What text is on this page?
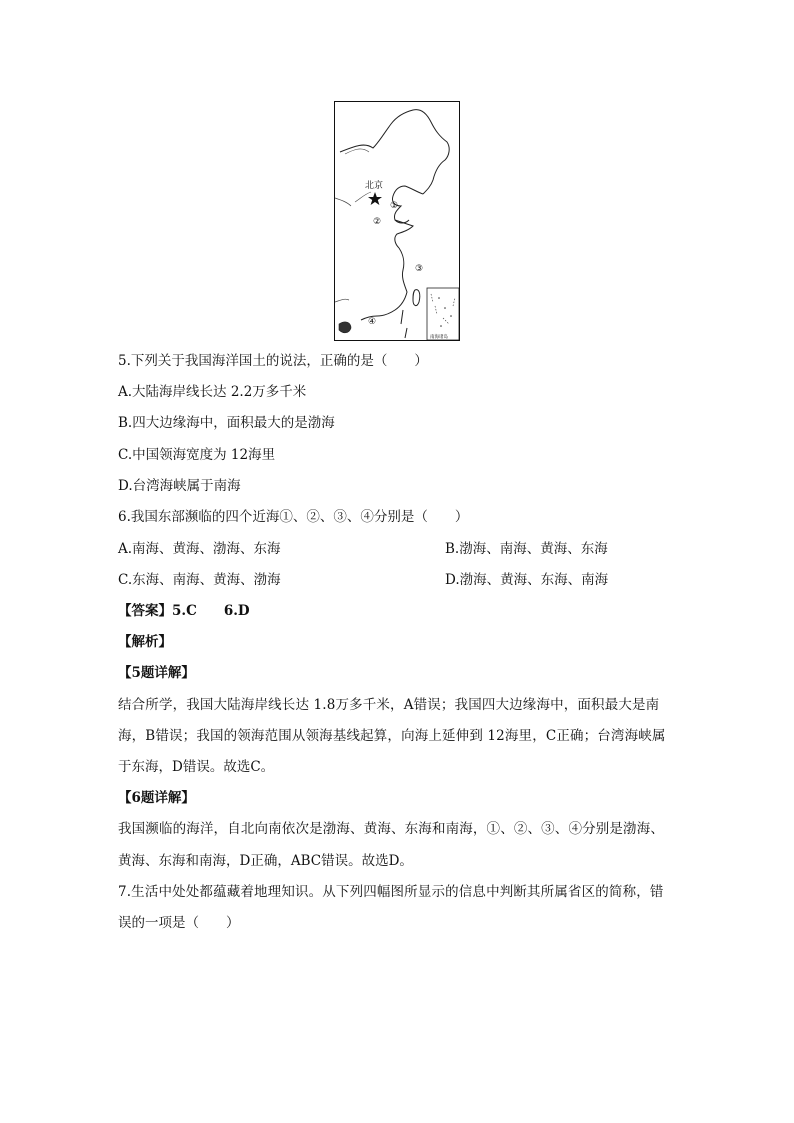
北京
①
②
③
④
南海诸岛
5.下列关于我国海洋国土的说法，正确的是（　　）
A.大陆海岸线长达 2.2万多千米
B.四大边缘海中，面积最大的是渤海
C.中国领海宽度为 12海里
D.台湾海峡属于南海
6.我国东部濒临的四个近海①、②、③、④分别是（　　）
A.南海、黄海、渤海、东海	B.渤海、南海、黄海、东海
C.东海、南海、黄海、渤海	D.渤海、黄海、东海、南海
【答案】5.C　　6.D
【解析】
【5题详解】
结合所学，我国大陆海岸线长达 1.8万多千米，A错误；我国四大边缘海中，面积最大是南
海，B错误；我国的领海范围从领海基线起算，向海上延伸到 12海里，C正确；台湾海峡属
于东海，D错误。故选C。
【6题详解】
我国濒临的海洋，自北向南依次是渤海、黄海、东海和南海，①、②、③、④分别是渤海、
黄海、东海和南海，D正确，ABC错误。故选D。
7.生活中处处都蕴藏着地理知识。从下列四幅图所显示的信息中判断其所属省区的简称，错
误的一项是（　　）
